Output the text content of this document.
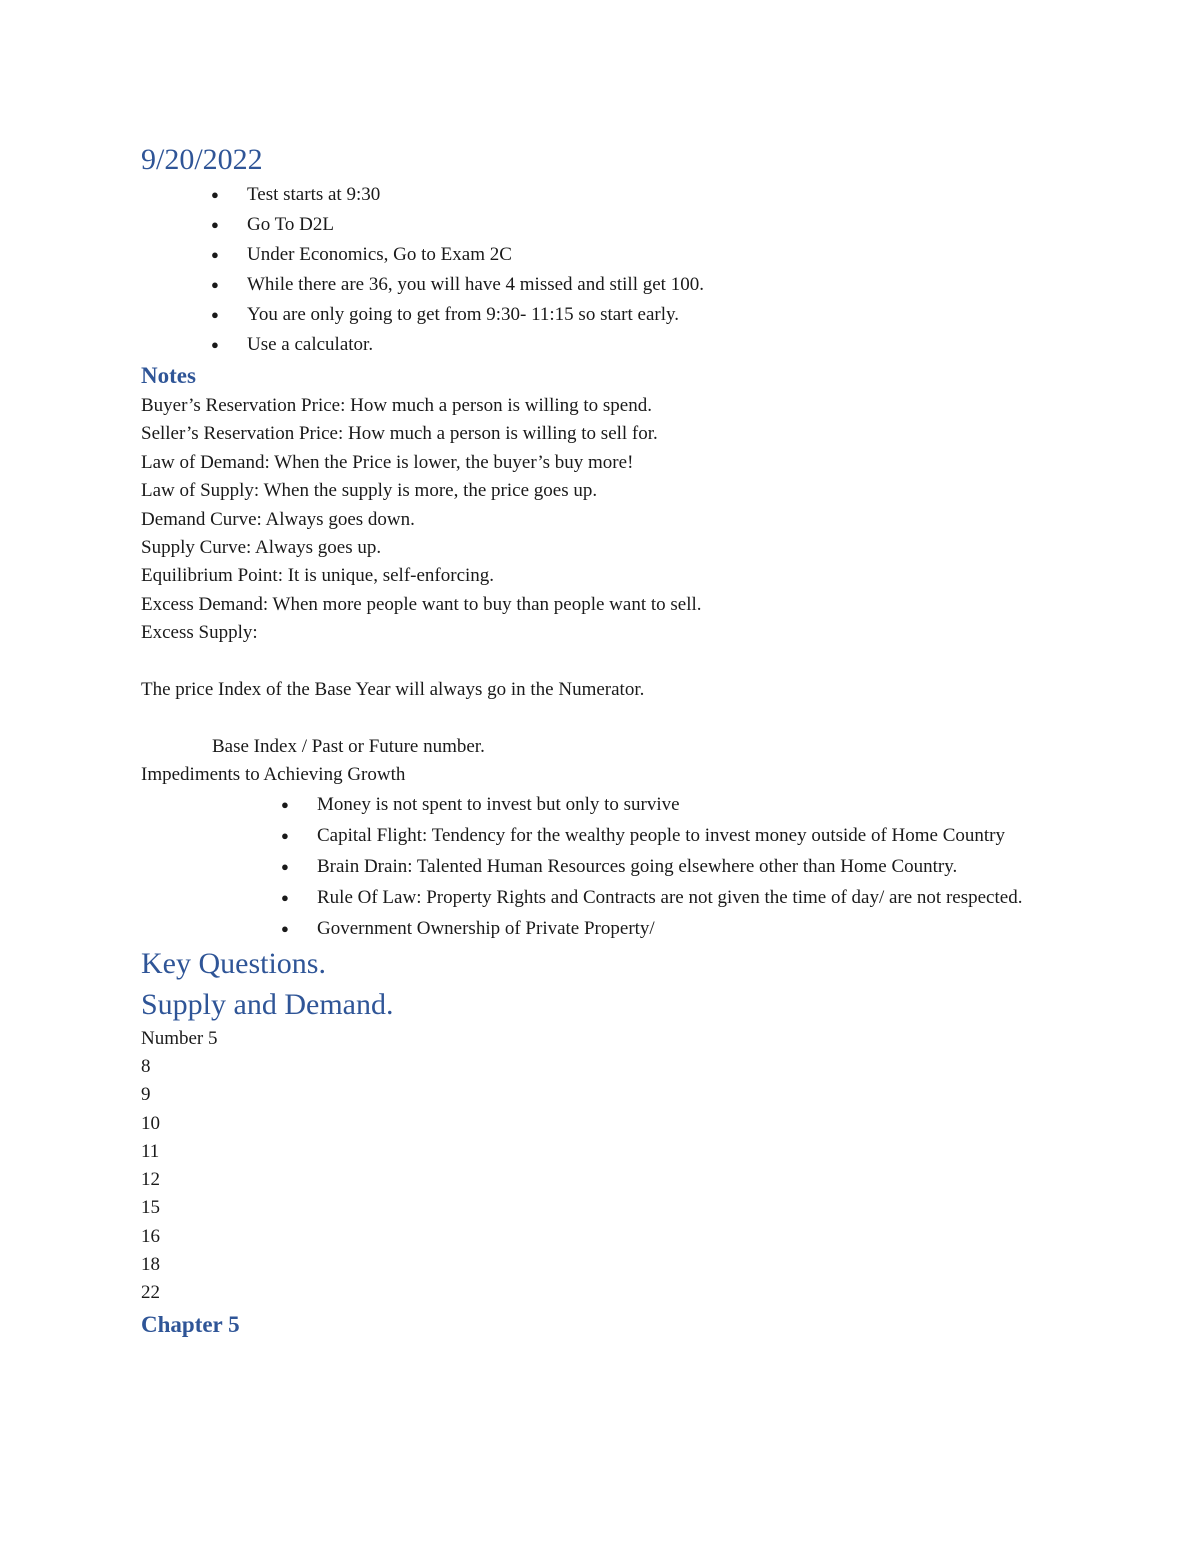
9/20/2022
● Test starts at 9:30
● Go To D2L
● Under Economics, Go to Exam 2C
● While there are 36, you will have 4 missed and still get 100.
● You are only going to get from 9:30- 11:15 so start early.
● Use a calculator.
Notes
Buyer’s Reservation Price: How much a person is willing to spend.
Seller’s Reservation Price: How much a person is willing to sell for.
Law of Demand: When the Price is lower, the buyer’s buy more!
Law of Supply: When the supply is more, the price goes up.
Demand Curve: Always goes down.
Supply Curve: Always goes up.
Equilibrium Point: It is unique, self-enforcing.
Excess Demand: When more people want to buy than people want to sell.
Excess Supply:
The price Index of the Base Year will always go in the Numerator.
Base Index / Past or Future number.
Impediments to Achieving Growth
● Money is not spent to invest but only to survive
● Capital Flight: Tendency for the wealthy people to invest money outside of Home Country
● Brain Drain: Talented Human Resources going elsewhere other than Home Country.
● Rule Of Law: Property Rights and Contracts are not given the time of day/ are not respected.
● Government Ownership of Private Property/
Key Questions.
Supply and Demand.
Number 5
8
9
10
11
12
15
16
18
22
Chapter 5
